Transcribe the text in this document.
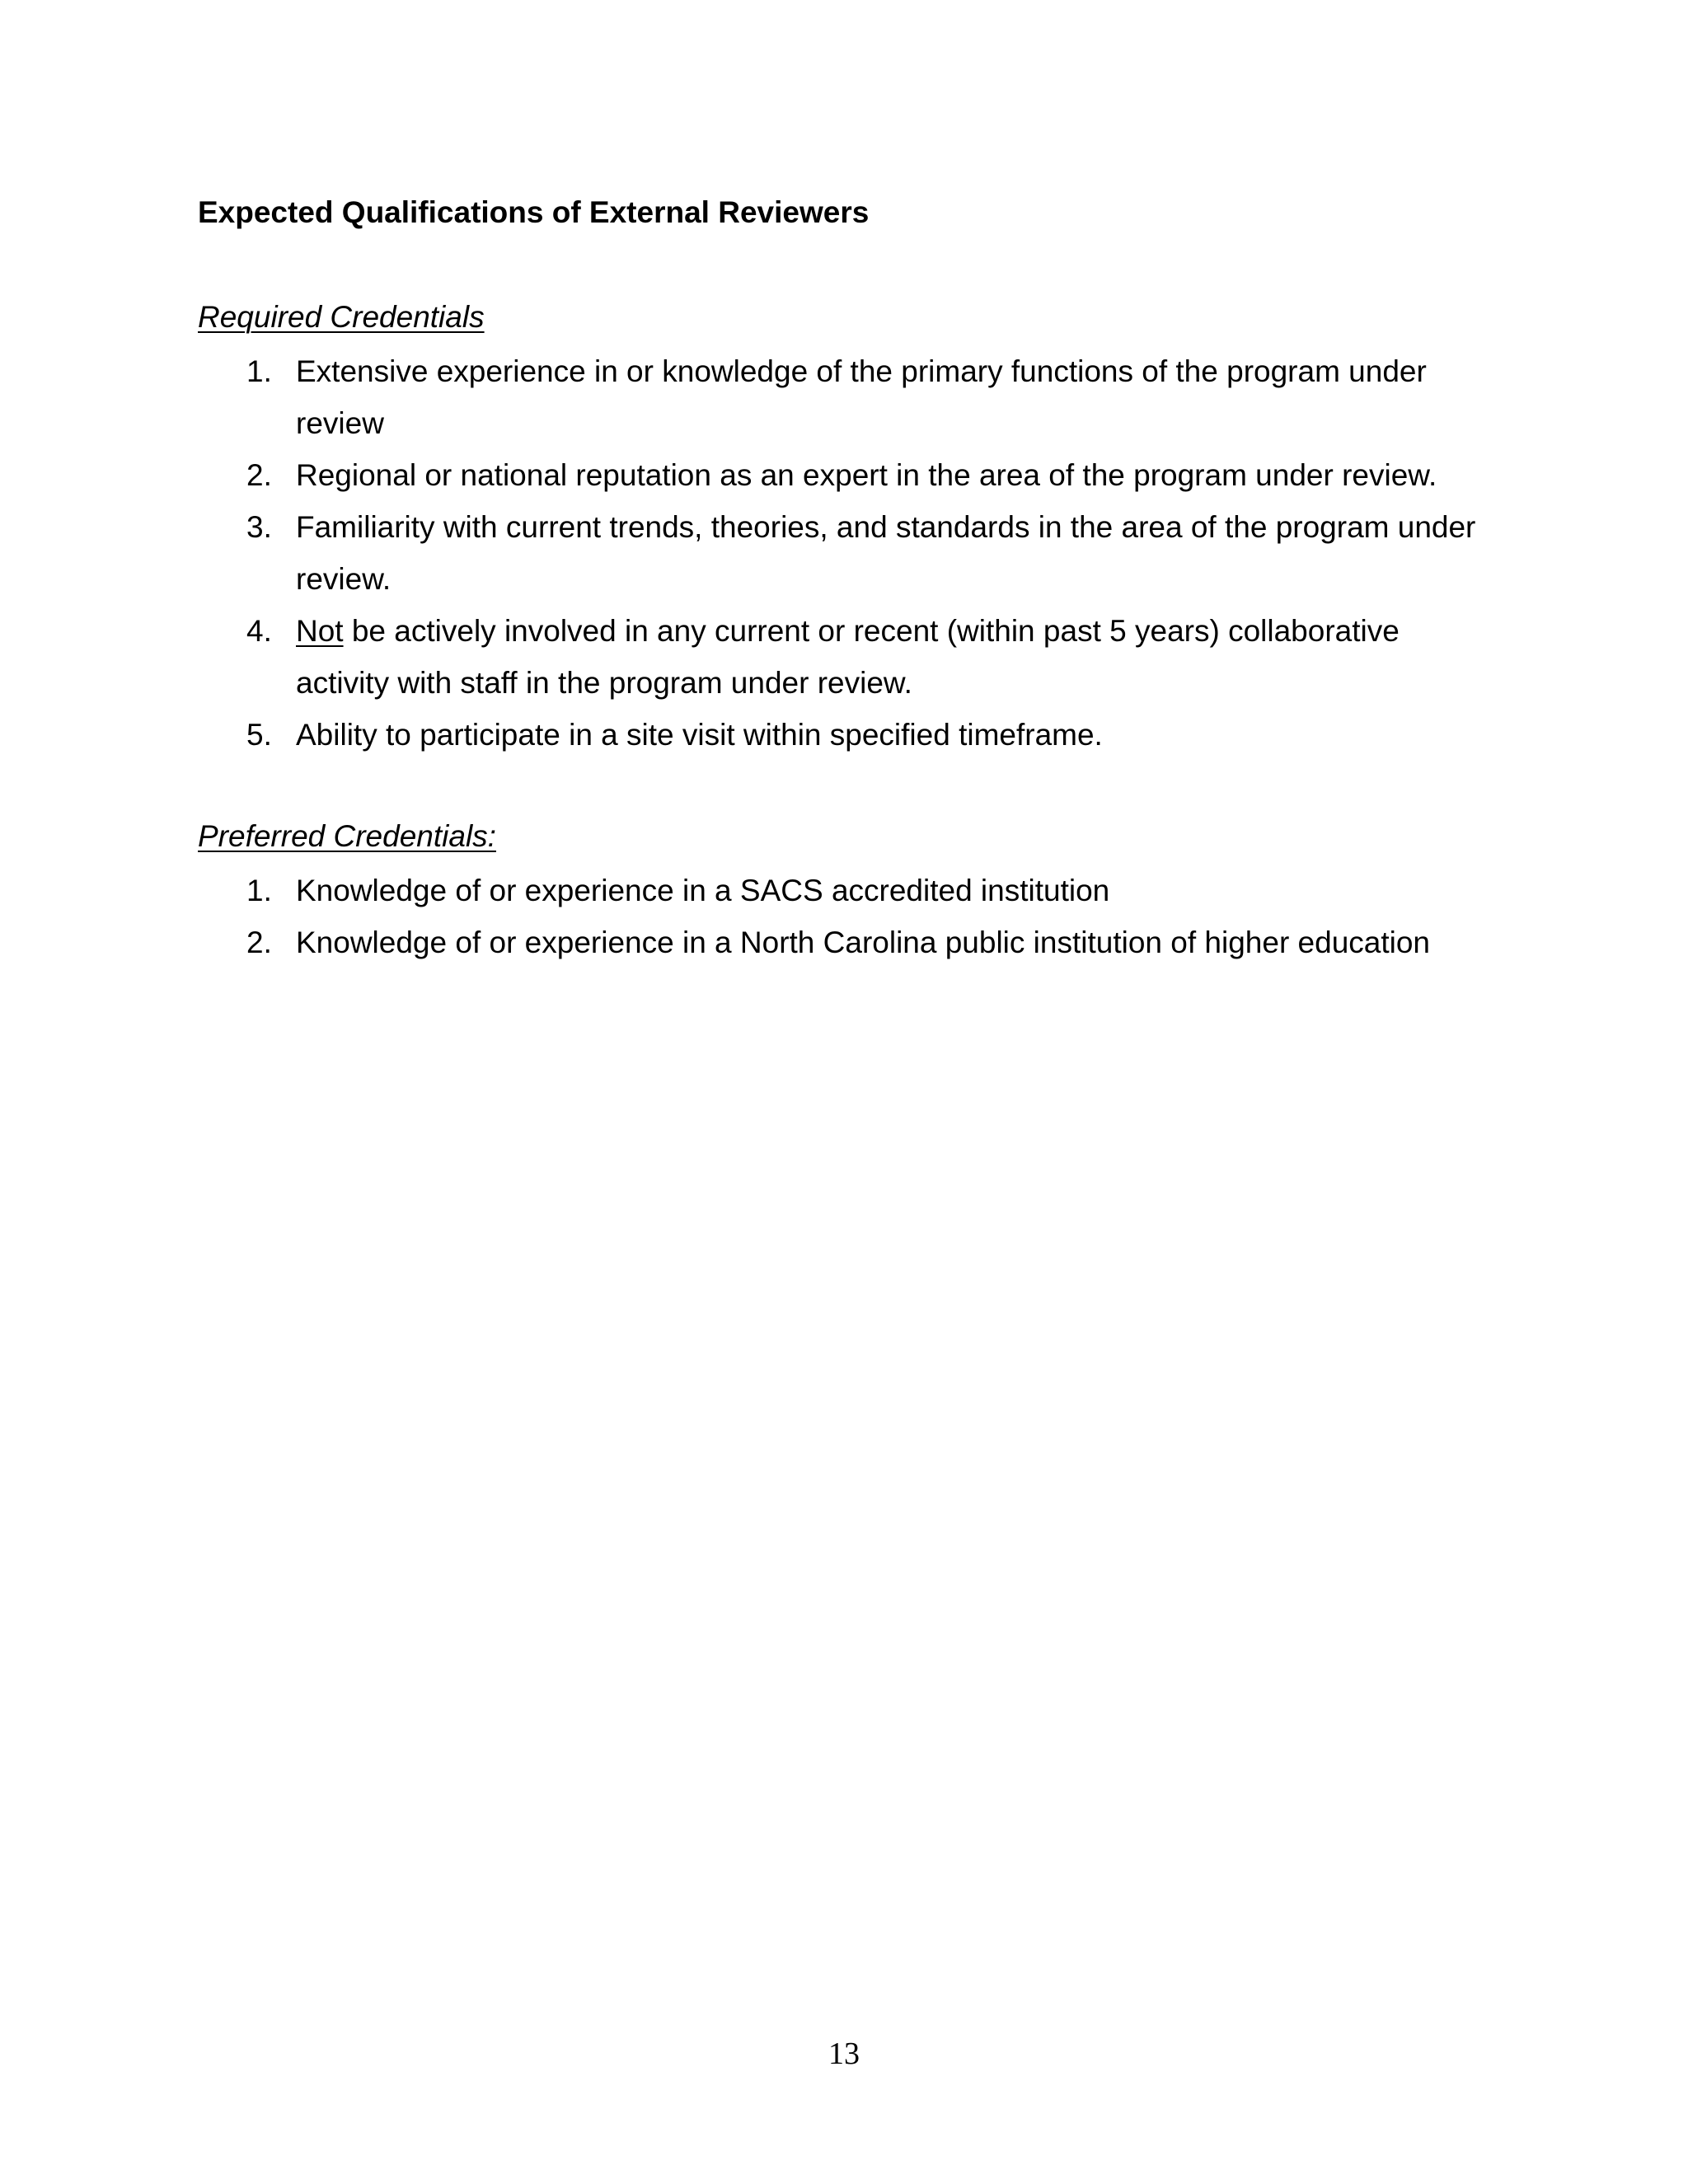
Expected Qualifications of External Reviewers

Required Credentials

1. Extensive experience in or knowledge of the primary functions of the program under review
2. Regional or national reputation as an expert in the area of the program under review.
3. Familiarity with current trends, theories, and standards in the area of the program under review.
4. Not be actively involved in any current or recent (within past 5 years) collaborative activity with staff in the program under review.
5. Ability to participate in a site visit within specified timeframe.

Preferred Credentials:

1. Knowledge of or experience in a SACS accredited institution
2. Knowledge of or experience in a North Carolina public institution of higher education
13
